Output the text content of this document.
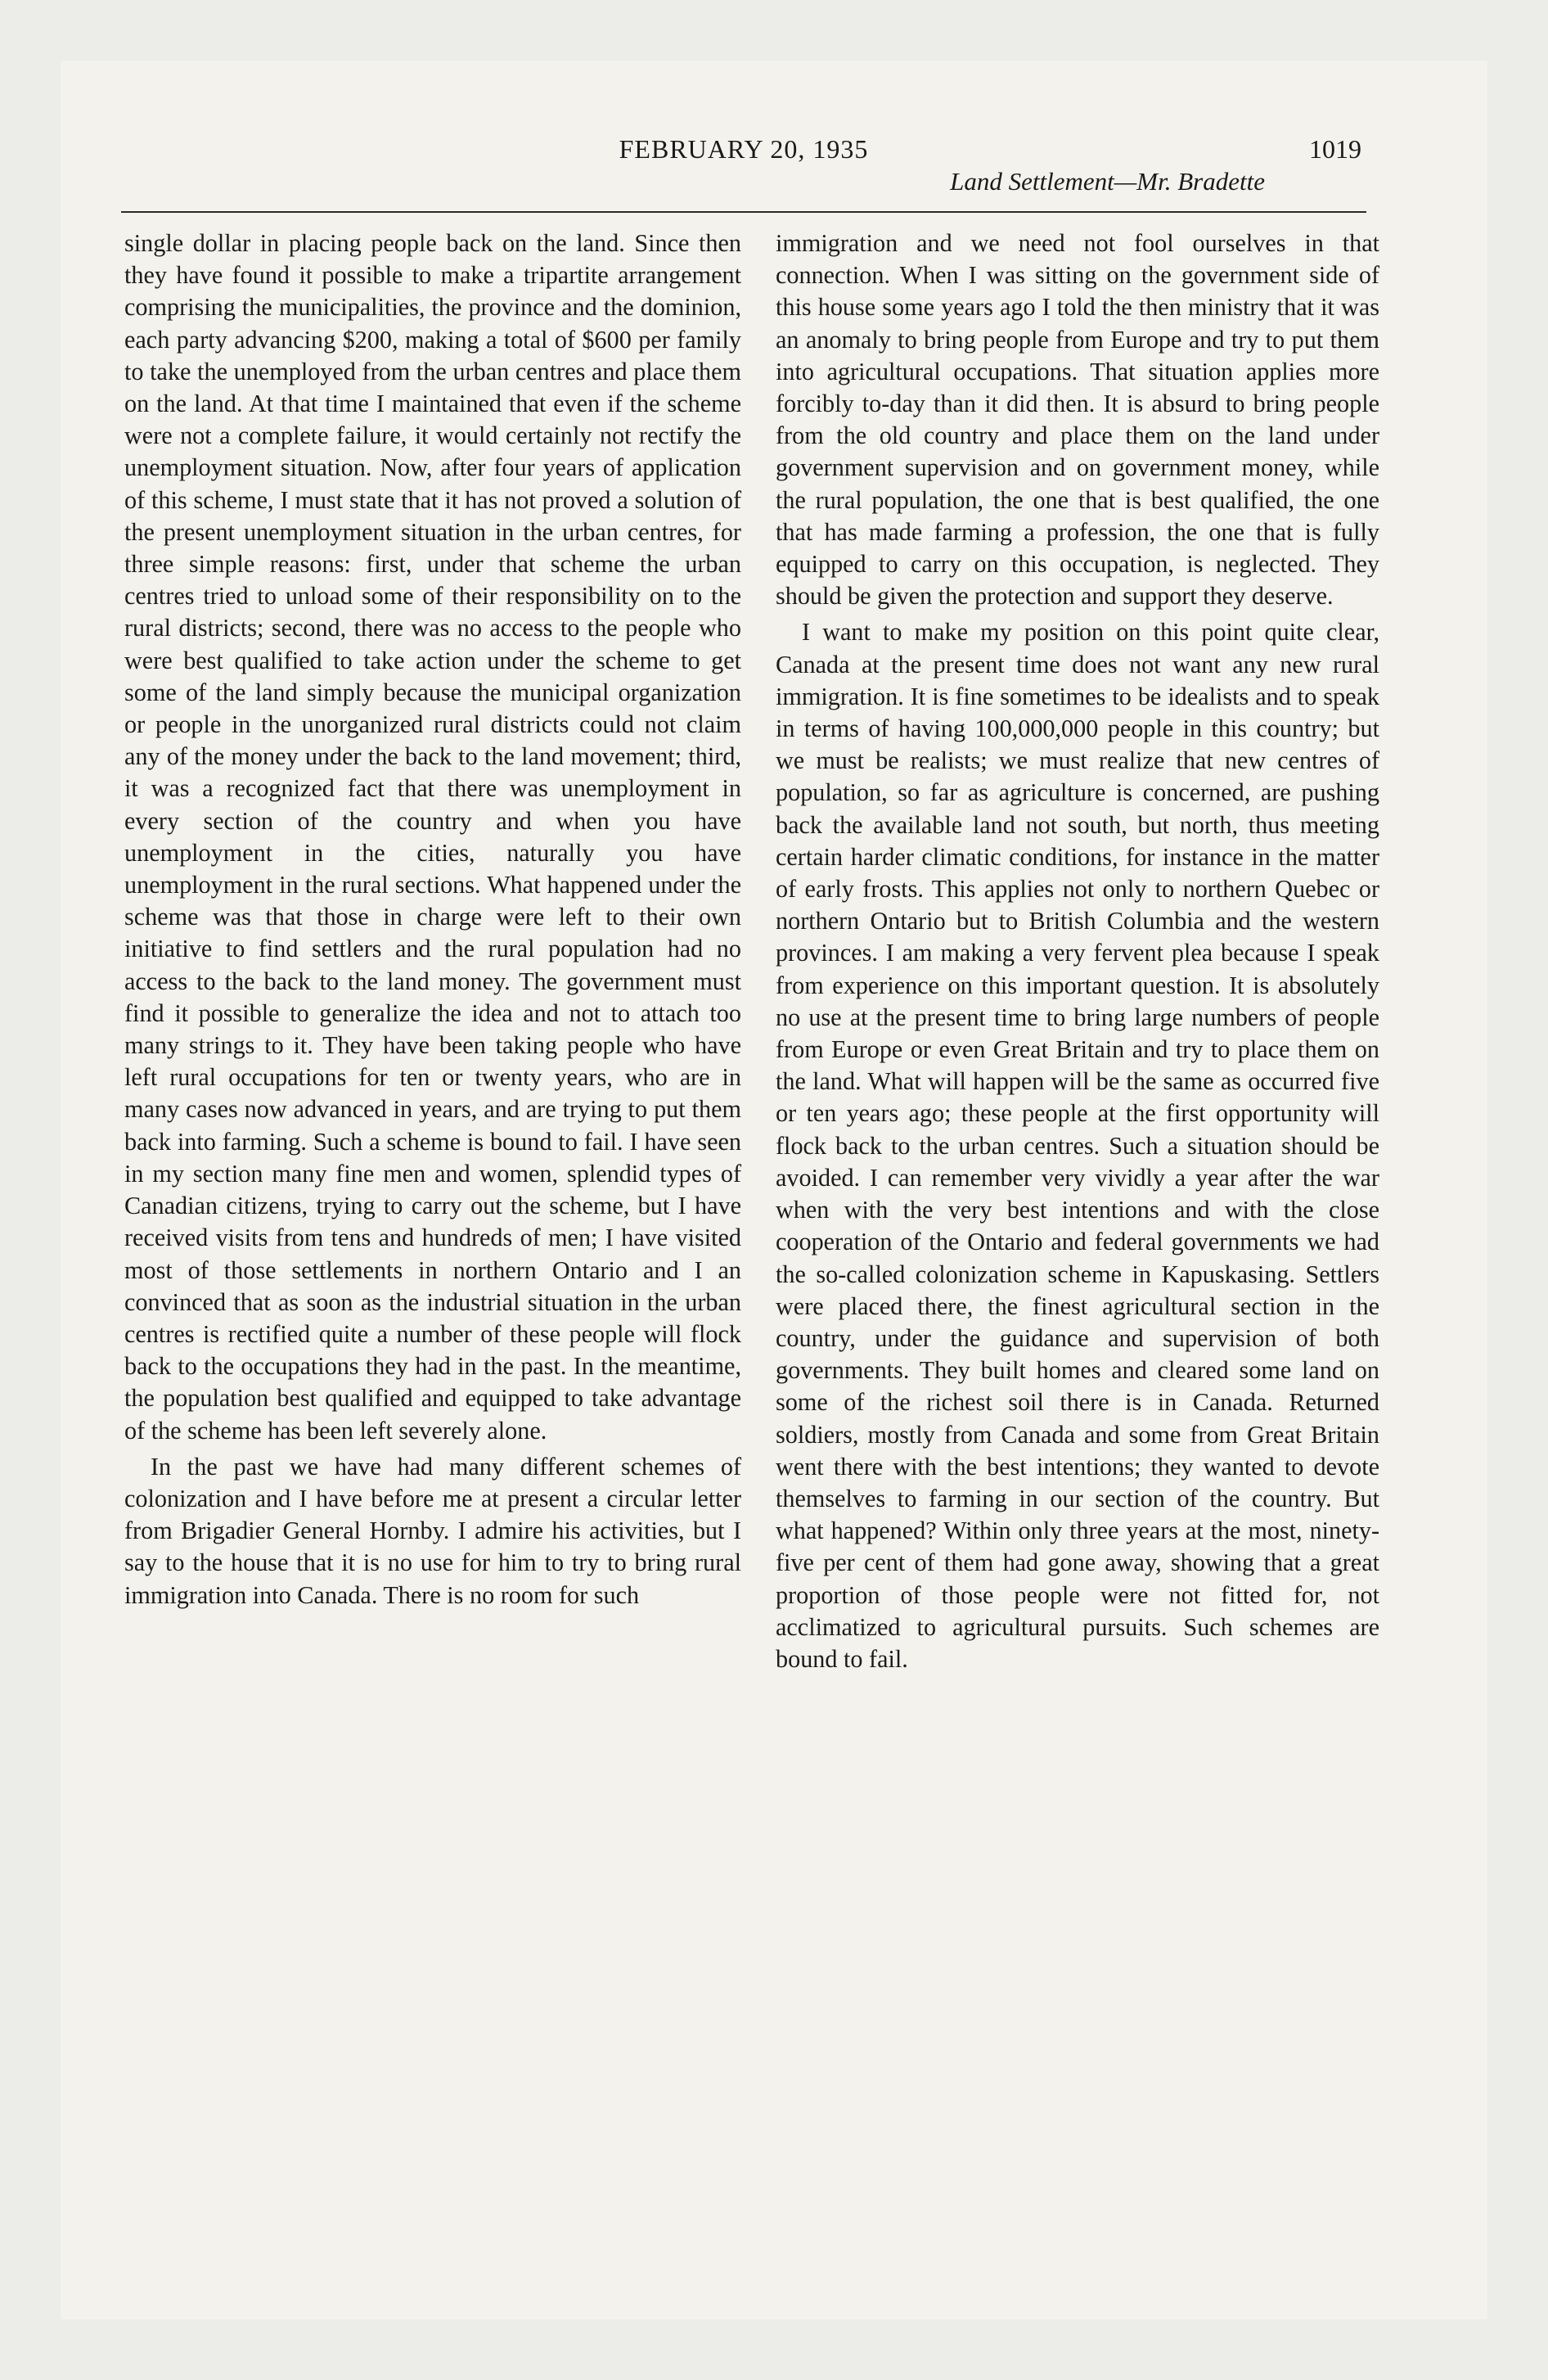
FEBRUARY 20, 1935	1019
Land Settlement—Mr. Bradette

single dollar in placing people back on the land. Since then they have found it possible to make a tripartite arrangement comprising the municipalities, the province and the dominion, each party advancing $200, making a total of $600 per family to take the unemployed from the urban centres and place them on the land. At that time I maintained that even if the scheme were not a complete failure, it would certainly not rectify the unemployment situation. Now, after four years of application of this scheme, I must state that it has not proved a solution of the present unemployment situation in the urban centres, for three simple reasons: first, under that scheme the urban centres tried to unload some of their responsibility on to the rural districts; second, there was no access to the people who were best qualified to take action under the scheme to get some of the land simply because the municipal organization or people in the unorganized rural districts could not claim any of the money under the back to the land movement; third, it was a recognized fact that there was unemployment in every section of the country and when you have unemployment in the cities, naturally you have unemployment in the rural sections. What happened under the scheme was that those in charge were left to their own initiative to find settlers and the rural population had no access to the back to the land money. The government must find it possible to generalize the idea and not to attach too many strings to it. They have been taking people who have left rural occupations for ten or twenty years, who are in many cases now advanced in years, and are trying to put them back into farming. Such a scheme is bound to fail. I have seen in my section many fine men and women, splendid types of Canadian citizens, trying to carry out the scheme, but I have received visits from tens and hundreds of men; I have visited most of those settlements in northern Ontario and I an convinced that as soon as the industrial situation in the urban centres is rectified quite a number of these people will flock back to the occupations they had in the past. In the meantime, the population best qualified and equipped to take advantage of the scheme has been left severely alone.

In the past we have had many different schemes of colonization and I have before me at present a circular letter from Brigadier General Hornby. I admire his activities, but I say to the house that it is no use for him to try to bring rural immigration into Canada. There is no room for such

immigration and we need not fool ourselves in that connection. When I was sitting on the government side of this house some years ago I told the then ministry that it was an anomaly to bring people from Europe and try to put them into agricultural occupations. That situation applies more forcibly to-day than it did then. It is absurd to bring people from the old country and place them on the land under government supervision and on government money, while the rural population, the one that is best qualified, the one that has made farming a profession, the one that is fully equipped to carry on this occupation, is neglected. They should be given the protection and support they deserve.

I want to make my position on this point quite clear, Canada at the present time does not want any new rural immigration. It is fine sometimes to be idealists and to speak in terms of having 100,000,000 people in this country; but we must be realists; we must realize that new centres of population, so far as agriculture is concerned, are pushing back the available land not south, but north, thus meeting certain harder climatic conditions, for instance in the matter of early frosts. This applies not only to northern Quebec or northern Ontario but to British Columbia and the western provinces. I am making a very fervent plea because I speak from experience on this important question. It is absolutely no use at the present time to bring large numbers of people from Europe or even Great Britain and try to place them on the land. What will happen will be the same as occurred five or ten years ago; these people at the first opportunity will flock back to the urban centres. Such a situation should be avoided. I can remember very vividly a year after the war when with the very best intentions and with the close cooperation of the Ontario and federal governments we had the so-called colonization scheme in Kapuskasing. Settlers were placed there, the finest agricultural section in the country, under the guidance and supervision of both governments. They built homes and cleared some land on some of the richest soil there is in Canada. Returned soldiers, mostly from Canada and some from Great Britain went there with the best intentions; they wanted to devote themselves to farming in our section of the country. But what happened? Within only three years at the most, ninety-five per cent of them had gone away, showing that a great proportion of those people were not fitted for, not acclimatized to agricultural pursuits. Such schemes are bound to fail.
